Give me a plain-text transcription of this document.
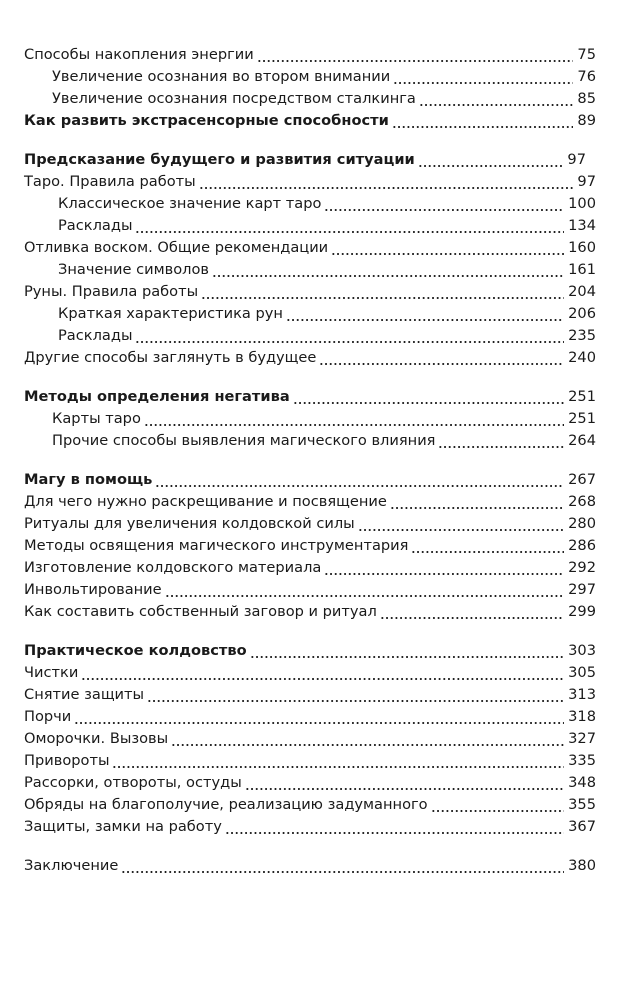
Способы накопления энергии	75
Увеличение осознания во втором внимании	76
Увеличение осознания посредством сталкинга	85
Как развить экстрасенсорные способности	89
Предсказание будущего и развития ситуации	97
Таро. Правила работы	97
Классическое значение карт таро	100
Расклады	134
Отливка воском. Общие рекомендации	160
Значение символов	161
Руны. Правила работы	204
Краткая характеристика рун	206
Расклады	235
Другие способы заглянуть в будущее	240
Методы определения негатива	251
Карты таро	251
Прочие способы выявления магического влияния	264
Магу в помощь	267
Для чего нужно раскрещивание и посвящение	268
Ритуалы для увеличения колдовской силы	280
Методы освящения магического инструментария	286
Изготовление колдовского материала	292
Инвольтирование	297
Как составить собственный заговор и ритуал	299
Практическое колдовство	303
Чистки	305
Снятие защиты	313
Порчи	318
Оморочки. Вызовы	327
Привороты	335
Рассорки, отвороты, остуды	348
Обряды на благополучие, реализацию задуманного	355
Защиты, замки на работу	367
Заключение	380
